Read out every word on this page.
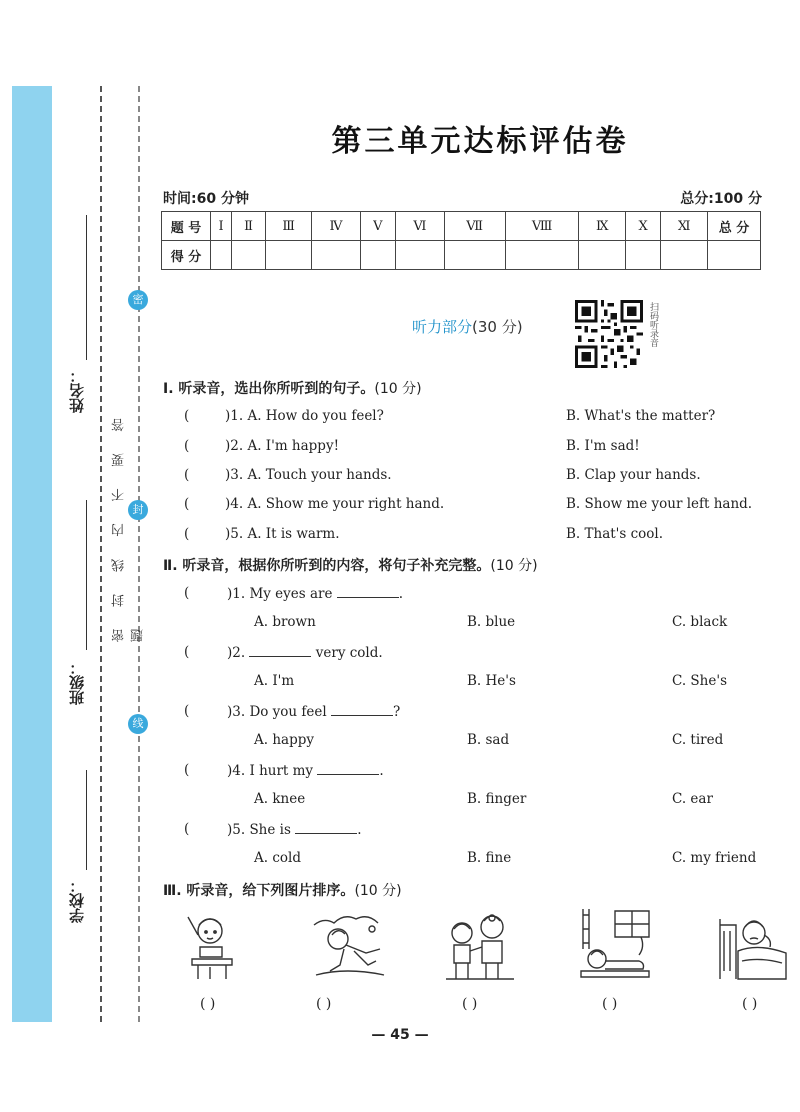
学校：
班级：
姓名：
密 封 线 内 不 要 答 题
密
封
线
第三单元达标评估卷
时间:60 分钟	总分:100 分
题 号	Ⅰ	Ⅱ	Ⅲ	Ⅳ	Ⅴ	Ⅵ	Ⅶ	Ⅷ	Ⅸ	Ⅹ	Ⅺ	总 分
得 分												
听力部分(30 分)	扫码听录音
Ⅰ. 听录音，选出你所听到的句子。(10 分)
(	)1. A. How do you feel?	B. What's the matter?
(	)2. A. I'm happy!	B. I'm sad!
(	)3. A. Touch your hands.	B. Clap your hands.
(	)4. A. Show me your right hand.	B. Show me your left hand.
(	)5. A. It is warm.	B. That's cool.
Ⅱ. 听录音，根据你所听到的内容，将句子补充完整。(10 分)
(	)1. My eyes are	.
A. brown	B. blue	C. black
(	)2.	very cold.
A. I'm	B. He's	C. She's
(	)3. Do you feel	?
A. happy	B. sad	C. tired
(	)4. I hurt my	.
A. knee	B. finger	C. ear
(	)5. She is	.
A. cold	B. fine	C. my friend
Ⅲ. 听录音，给下列图片排序。(10 分)
( )	( )	( )	( )	( )
— 45 —
